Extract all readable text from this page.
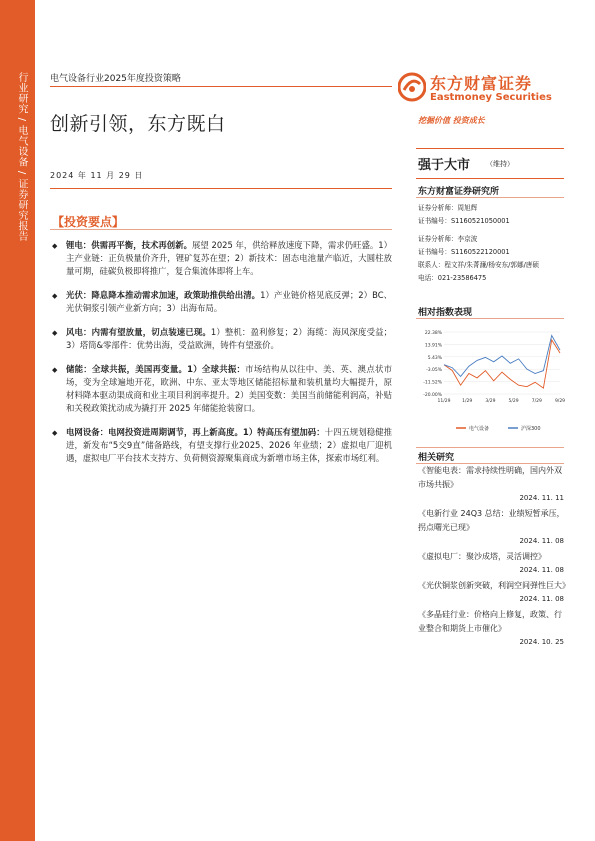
行业研究 / 电气设备 / 证券研究报告	电气设备行业2025年度投资策略
创新引领，东方既白
2024 年 11 月 29 日
【投资要点】
◆	锂电：供需再平衡，技术再创新。展望 2025 年，供给释放速度下降，需求仍旺盛。1）主产业链：正负极量价齐升，锂矿复苏在望；2）新技术：固态电池量产临近，大圆柱放量可期，硅碳负极即将推广，复合集流体即将上车。
◆	光伏：降息降本推动需求加速，政策助推供给出清。1）产业链价格见底反弹；2）BC、光伏铜浆引领产业新方向；3）出海布局。
◆	风电：内需有望放量，切点装速已现。1）整机：盈利修复；2）海缆：海风深度受益；3）塔筒&零部件：优势出海，受益欧洲，铸件有望涨价。
◆	储能：全球共振，美国再变量。1）全球共振：市场结构从以往中、美、英、澳点状市场，变为全球遍地开花，欧洲、中东、亚太等地区储能招标量和装机量均大幅提升，原材料降本驱动渠成商和业主项目利润率提升。2）美国变数：美国当前储能利润高，补贴和关税政策扰动成为撬打开 2025 年储能抢装窗口。
◆	电网设备：电网投资进周期调节，再上新高度。1）特高压有望加码：十四五规划稳健推进，新发布“5交9直”储备路线，有望支撑行业2025、2026 年业绩；2）虚拟电厂迎机遇，虚拟电厂平台技术支持方、负荷侧资源聚集商成为新增市场主体，探索市场红利。
东方财富证券
Eastmoney Securities
挖掘价值 投资成长
强于大市 （维持）
东方财富证券研究所
证券分析师：周旭辉
证书编号：S1160521050001
证券分析师：李京波
证书编号：S1160522120001
联系人：程文祥/朱菁濂/杨安东/郭娜/唐硕
电话：021-23586475
相对指数表现
22.38%
13.91%
5.43%
-3.05%
-11.52%
-20.00%
11/29	1/29	3/29	5/29	7/29	9/29
电气设备	沪深300
相关研究
《智能电表：需求持续性明确，国内外双市场共振》
2024. 11. 11
《电新行业 24Q3 总结：业绩短暂承压，拐点曙光已现》
2024. 11. 08
《虚拟电厂：聚沙成塔，灵活调控》
2024. 11. 08
《光伏铜浆创新突破，利润空间弹性巨大》
2024. 11. 08
《多晶硅行业：价格向上修复，政策、行业整合和期货上市催化》
2024. 10. 25
